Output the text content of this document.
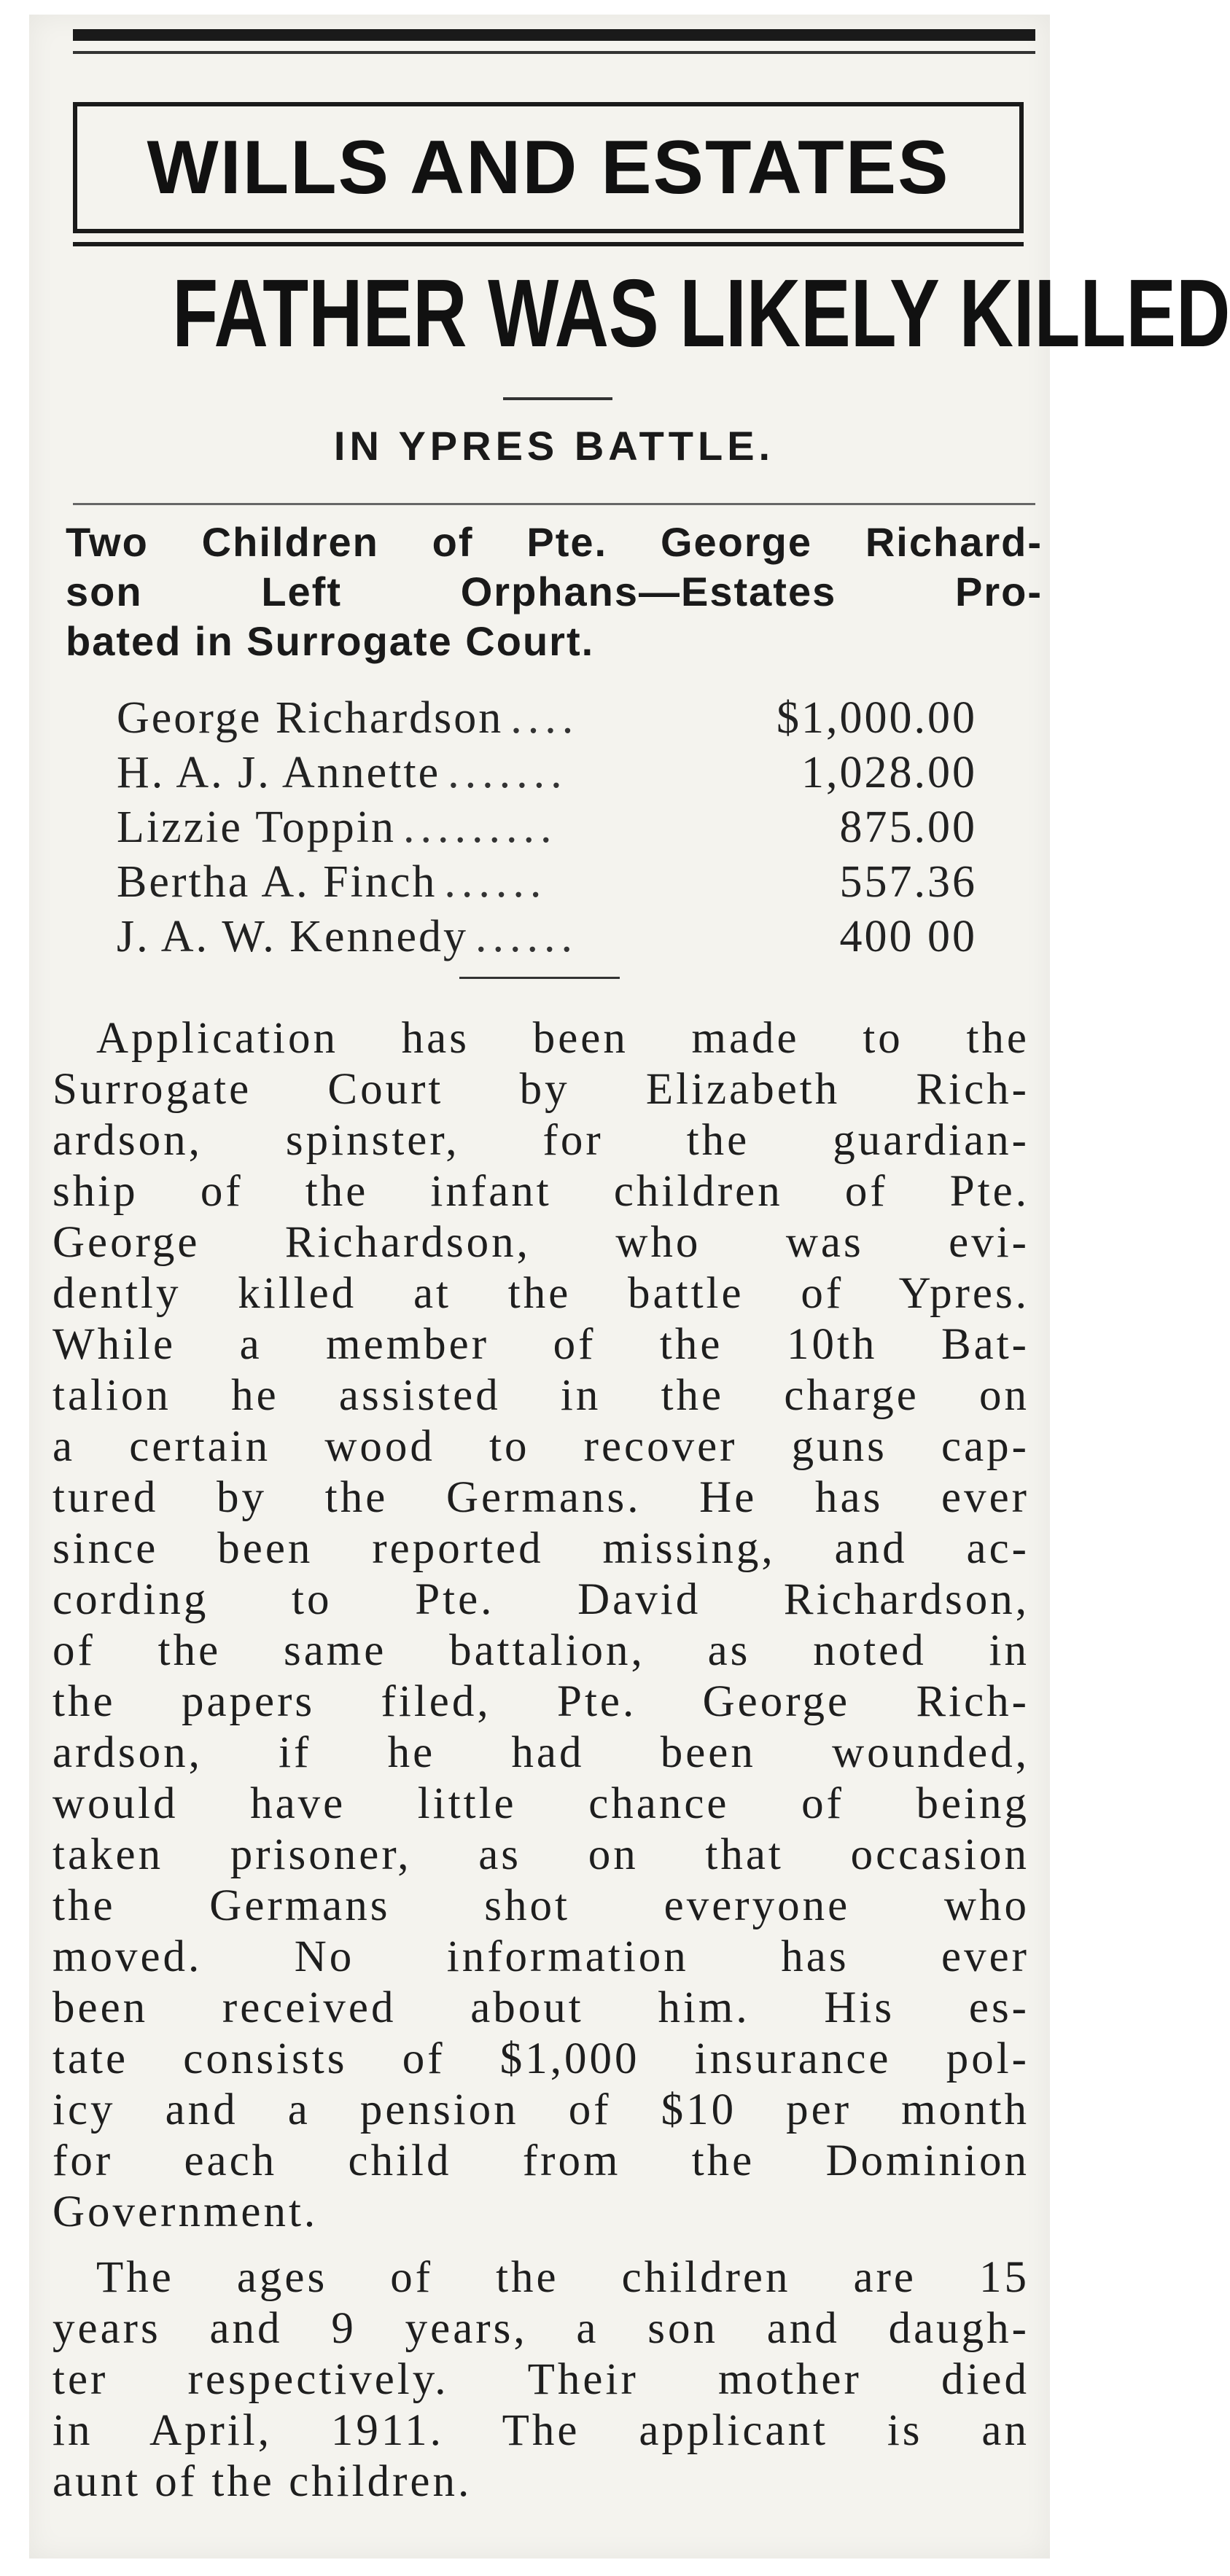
WILLS AND ESTATES
FATHER WAS LIKELY KILLED
IN YPRES BATTLE.
Two Children of Pte. George Richard-
son Left Orphans—Estates Pro-
bated in Surrogate Court.
George Richardson ....	$1,000.00
H. A. J. Annette .......	1,028.00
Lizzie Toppin .........	875.00
Bertha A. Finch ......	557.36
J. A. W. Kennedy ......	400 00
Application has been made to the
Surrogate Court by Elizabeth Rich-
ardson, spinster, for the guardian-
ship of the infant children of Pte.
George Richardson, who was evi-
dently killed at the battle of Ypres.
While a member of the 10th Bat-
talion he assisted in the charge on
a certain wood to recover guns cap-
tured by the Germans. He has ever
since been reported missing, and ac-
cording to Pte. David Richardson,
of the same battalion, as noted in
the papers filed, Pte. George Rich-
ardson, if he had been wounded,
would have little chance of being
taken prisoner, as on that occasion
the Germans shot everyone who
moved. No information has ever
been received about him. His es-
tate consists of $1,000 insurance pol-
icy and a pension of $10 per month
for each child from the Dominion
Government.
The ages of the children are 15
years and 9 years, a son and daugh-
ter respectively. Their mother died
in April, 1911. The applicant is an
aunt of the children.
